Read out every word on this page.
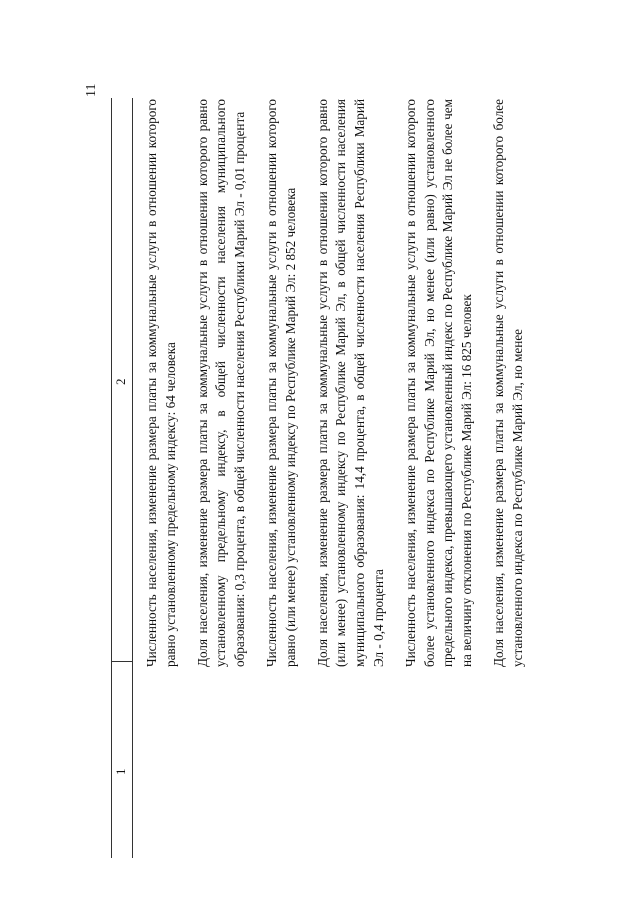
11
1
2 Численность населения, изменение размера платы за коммунальные услуги в отношении которого равно установленному предельному индексу: 64 человека Доля населения, изменение размера платы за коммунальные услуги в отношении которого равно установленному предельному индексу, в общей численности населения муниципального образования: 0,3 процента, в общей численности населения Республики Марий Эл - 0,01 процента Численность населения, изменение размера платы за коммунальные услуги в отношении которого равно (или менее) установленному индексу по Республике Марий Эл: 2 852 человека Доля населения, изменение размера платы за коммунальные услуги в отношении которого равно (или менее) установленному индексу по Республике Марий Эл, в общей численности населения муниципального образования: 14,4 процента, в общей численности населения Республики Марий Эл - 0,4 процента Численность населения, изменение размера платы за коммунальные услуги в отношении которого более установленного индекса по Республике Марий Эл, но менее (или равно) установленного предельного индекса, превышающего установленный индекс по Республике Марий Эл не более чем на величину отклонения по Республике Марий Эл: 16 825 человек Доля населения, изменение размера платы за коммунальные услуги в отношении которого более установленного индекса по Республике Марий Эл, но менее
